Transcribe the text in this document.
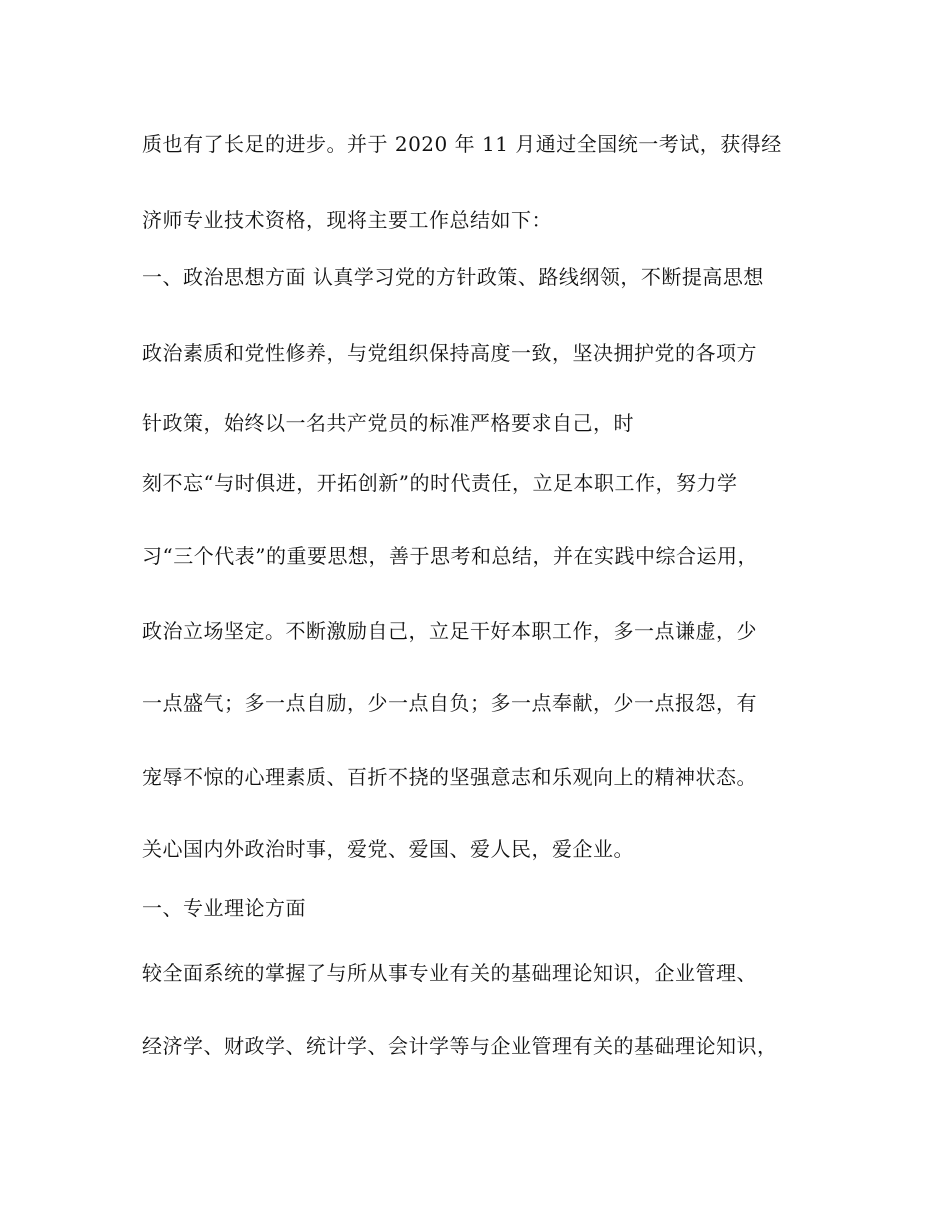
质也有了长足的进步。并于 2020 年 11 月通过全国统一考试，获得经
济师专业技术资格，现将主要工作总结如下：
一、政治思想方面 认真学习党的方针政策、路线纲领，不断提高思想
政治素质和党性修养，与党组织保持高度一致，坚决拥护党的各项方
针政策，始终以一名共产党员的标准严格要求自己，时
刻不忘“与时俱进，开拓创新”的时代责任，立足本职工作，努力学
习“三个代表”的重要思想，善于思考和总结，并在实践中综合运用，
政治立场坚定。不断激励自己，立足干好本职工作，多一点谦虚，少
一点盛气；多一点自励，少一点自负；多一点奉献，少一点报怨，有
宠辱不惊的心理素质、百折不挠的坚强意志和乐观向上的精神状态。
关心国内外政治时事，爱党、爱国、爱人民，爱企业。
一、专业理论方面
较全面系统的掌握了与所从事专业有关的基础理论知识，企业管理、
经济学、财政学、统计学、会计学等与企业管理有关的基础理论知识，
